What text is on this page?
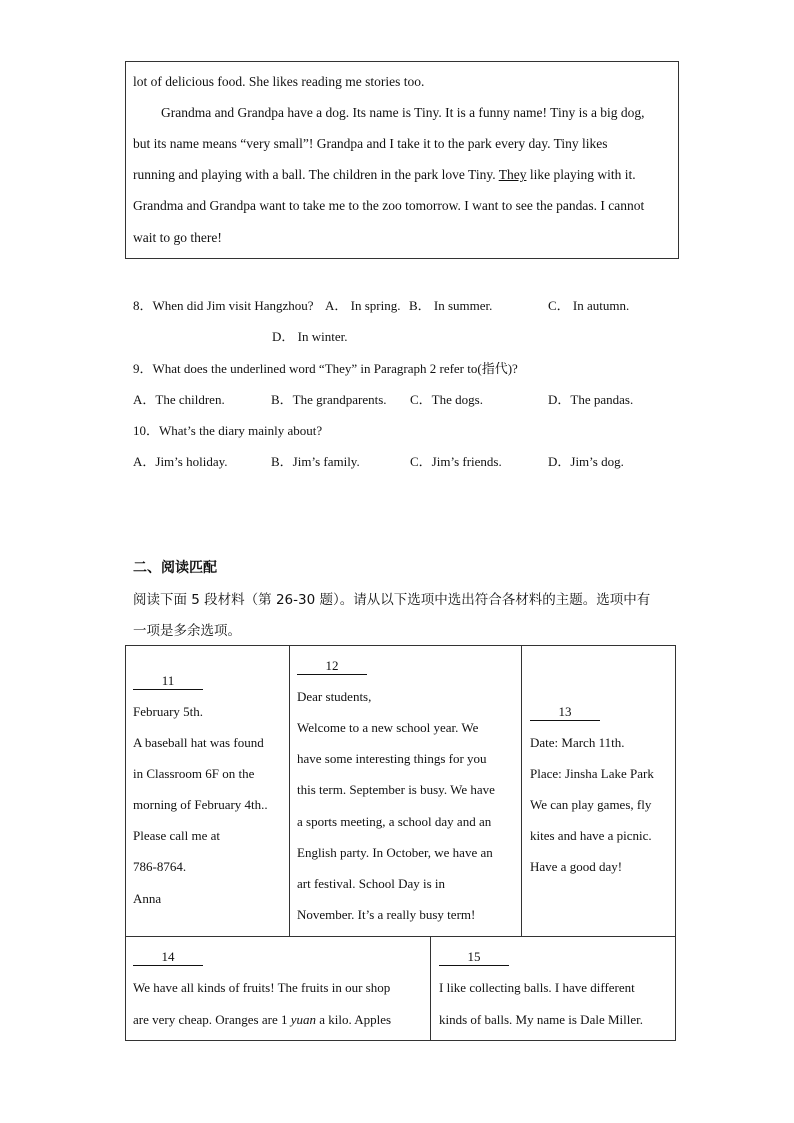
lot of delicious food. She likes reading me stories too.
Grandma and Grandpa have a dog. Its name is Tiny. It is a funny name! Tiny is a big dog,
but its name means “very small”! Grandpa and I take it to the park every day. Tiny likes
running and playing with a ball. The children in the park love Tiny. They like playing with it.
Grandma and Grandpa want to take me to the zoo tomorrow. I want to see the pandas. I cannot
wait to go there!
8．When did Jim visit Hangzhou? A． In spring. B． In summer.	C． In autumn.
D． In winter.
9．What does the underlined word “They” in Paragraph 2 refer to(指代)?
A．The children.	B．The grandparents. C．The dogs.	D．The pandas.
10．What’s the diary mainly about?
A．Jim’s holiday.	B．Jim’s family.	C．Jim’s friends.	D．Jim’s dog.
二、阅读匹配
阅读下面 5 段材料（第 26-30 题）。请从以下选项中选出符合各材料的主题。选项中有
一项是多余选项。
11
February 5th.
A baseball hat was found
in Classroom 6F on the
morning of February 4th..
Please call me at
786-8764.
Anna
12
Dear students,
Welcome to a new school year. We
have some interesting things for you
this term. September is busy. We have
a sports meeting, a school day and an
English party. In October, we have an
art festival. School Day is in
November. It’s a really busy term!
13
Date: March 11th.
Place: Jinsha Lake Park
We can play games, fly
kites and have a picnic.
Have a good day!
14
We have all kinds of fruits! The fruits in our shop
are very cheap. Oranges are 1 yuan a kilo. Apples
15
I like collecting balls. I have different
kinds of balls. My name is Dale Miller.
